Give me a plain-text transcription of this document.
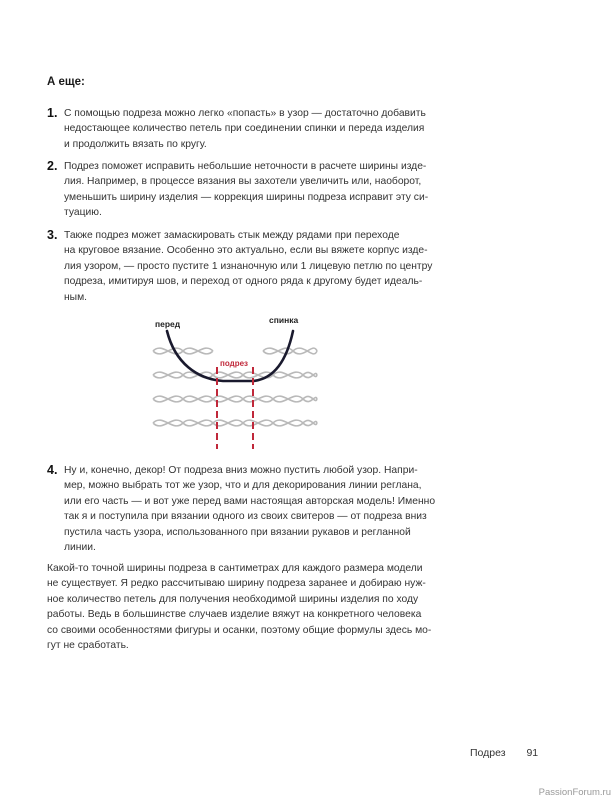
А еще:
1. С помощью подреза можно легко «попасть» в узор — достаточно добавить
недостающее количество петель при соединении спинки и переда изделия
и продолжить вязать по кругу.
2. Подрез поможет исправить небольшие неточности в расчете ширины изде-
лия. Например, в процессе вязания вы захотели увеличить или, наоборот,
уменьшить ширину изделия — коррекция ширины подреза исправит эту си-
туацию.
3. Также подрез может замаскировать стык между рядами при переходе
на круговое вязание. Особенно это актуально, если вы вяжете корпус изде-
лия узором, — просто пустите 1 изнаночную или 1 лицевую петлю по центру
подреза, имитируя шов, и переход от одного ряда к другому будет идеаль-
ным.
перед	спинка
подрез
4. Ну и, конечно, декор! От подреза вниз можно пустить любой узор. Напри-
мер, можно выбрать тот же узор, что и для декорирования линии реглана,
или его часть — и вот уже перед вами настоящая авторская модель! Именно
так я и поступила при вязании одного из своих свитеров — от подреза вниз
пустила часть узора, использованного при вязании рукавов и регланной
линии.
Какой-то точной ширины подреза в сантиметрах для каждого размера модели
не существует. Я редко рассчитываю ширину подреза заранее и добираю нуж-
ное количество петель для получения необходимой ширины изделия по ходу
работы. Ведь в большинстве случаев изделие вяжут на конкретного человека
со своими особенностями фигуры и осанки, поэтому общие формулы здесь мо-
гут не сработать.
Подрез 91
PassionForum.ru
